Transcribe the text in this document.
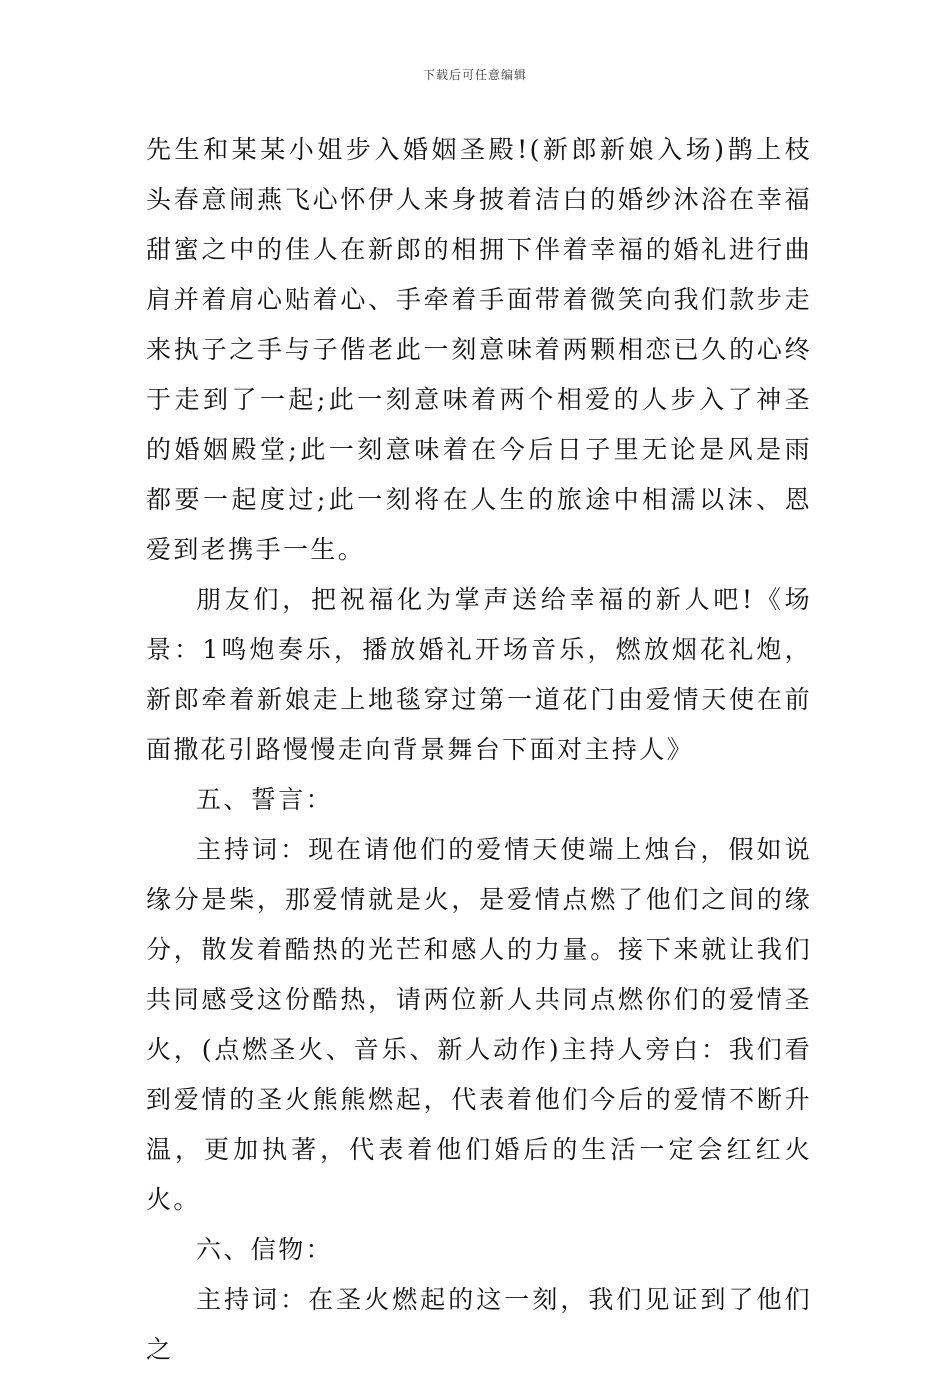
下载后可任意编辑

先生和某某小姐步入婚姻圣殿!(新郎新娘入场)鹊上枝头春意闹燕飞心怀伊人来身披着洁白的婚纱沐浴在幸福甜蜜之中的佳人在新郎的相拥下伴着幸福的婚礼进行曲肩并着肩心贴着心、手牵着手面带着微笑向我们款步走来执子之手与子偕老此一刻意味着两颗相恋已久的心终于走到了一起;此一刻意味着两个相爱的人步入了神圣的婚姻殿堂;此一刻意味着在今后日子里无论是风是雨都要一起度过;此一刻将在人生的旅途中相濡以沫、恩爱到老携手一生。

朋友们，把祝福化为掌声送给幸福的新人吧!《场景：1鸣炮奏乐，播放婚礼开场音乐，燃放烟花礼炮，新郎牵着新娘走上地毯穿过第一道花门由爱情天使在前面撒花引路慢慢走向背景舞台下面对主持人》

五、誓言：

主持词：现在请他们的爱情天使端上烛台，假如说缘分是柴，那爱情就是火，是爱情点燃了他们之间的缘分，散发着酷热的光芒和感人的力量。接下来就让我们共同感受这份酷热，请两位新人共同点燃你们的爱情圣火，(点燃圣火、音乐、新人动作)主持人旁白：我们看到爱情的圣火熊熊燃起，代表着他们今后的爱情不断升温，更加执著，代表着他们婚后的生活一定会红红火火。

六、信物：

主持词：在圣火燃起的这一刻，我们见证到了他们之
